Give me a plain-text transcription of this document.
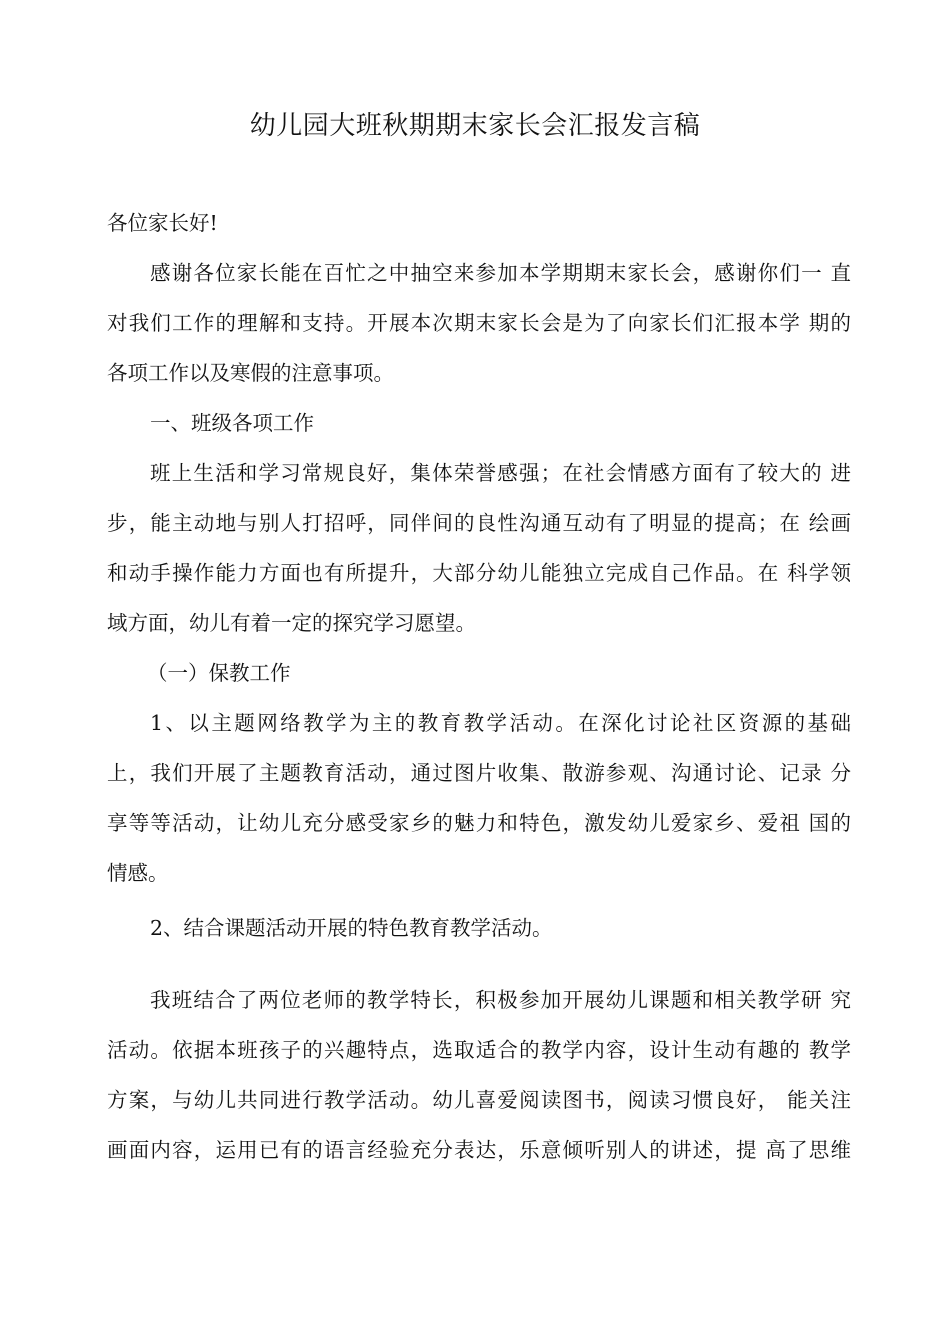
幼儿园大班秋期期末家长会汇报发言稿
各位家长好!
感谢各位家长能在百忙之中抽空来参加本学期期末家长会，感谢你们一 直
对我们工作的理解和支持。开展本次期末家长会是为了向家长们汇报本学 期的
各项工作以及寒假的注意事项。
一、班级各项工作
班上生活和学习常规良好，集体荣誉感强；在社会情感方面有了较大的 进
步，能主动地与别人打招呼，同伴间的良性沟通互动有了明显的提高；在 绘画
和动手操作能力方面也有所提升，大部分幼儿能独立完成自己作品。在 科学领
域方面，幼儿有着一定的探究学习愿望。
（一）保教工作
1、以主题网络教学为主的教育教学活动。在深化讨论社区资源的基础
上，我们开展了主题教育活动，通过图片收集、散游参观、沟通讨论、记录 分
享等等活动，让幼儿充分感受家乡的魅力和特色，激发幼儿爱家乡、爱祖 国的
情感。
2、结合课题活动开展的特色教育教学活动。
我班结合了两位老师的教学特长，积极参加开展幼儿课题和相关教学研 究
活动。依据本班孩子的兴趣特点，选取适合的教学内容，设计生动有趣的 教学
方案，与幼儿共同进行教学活动。幼儿喜爱阅读图书，阅读习惯良好， 能关注
画面内容，运用已有的语言经验充分表达，乐意倾听别人的讲述，提 高了思维
